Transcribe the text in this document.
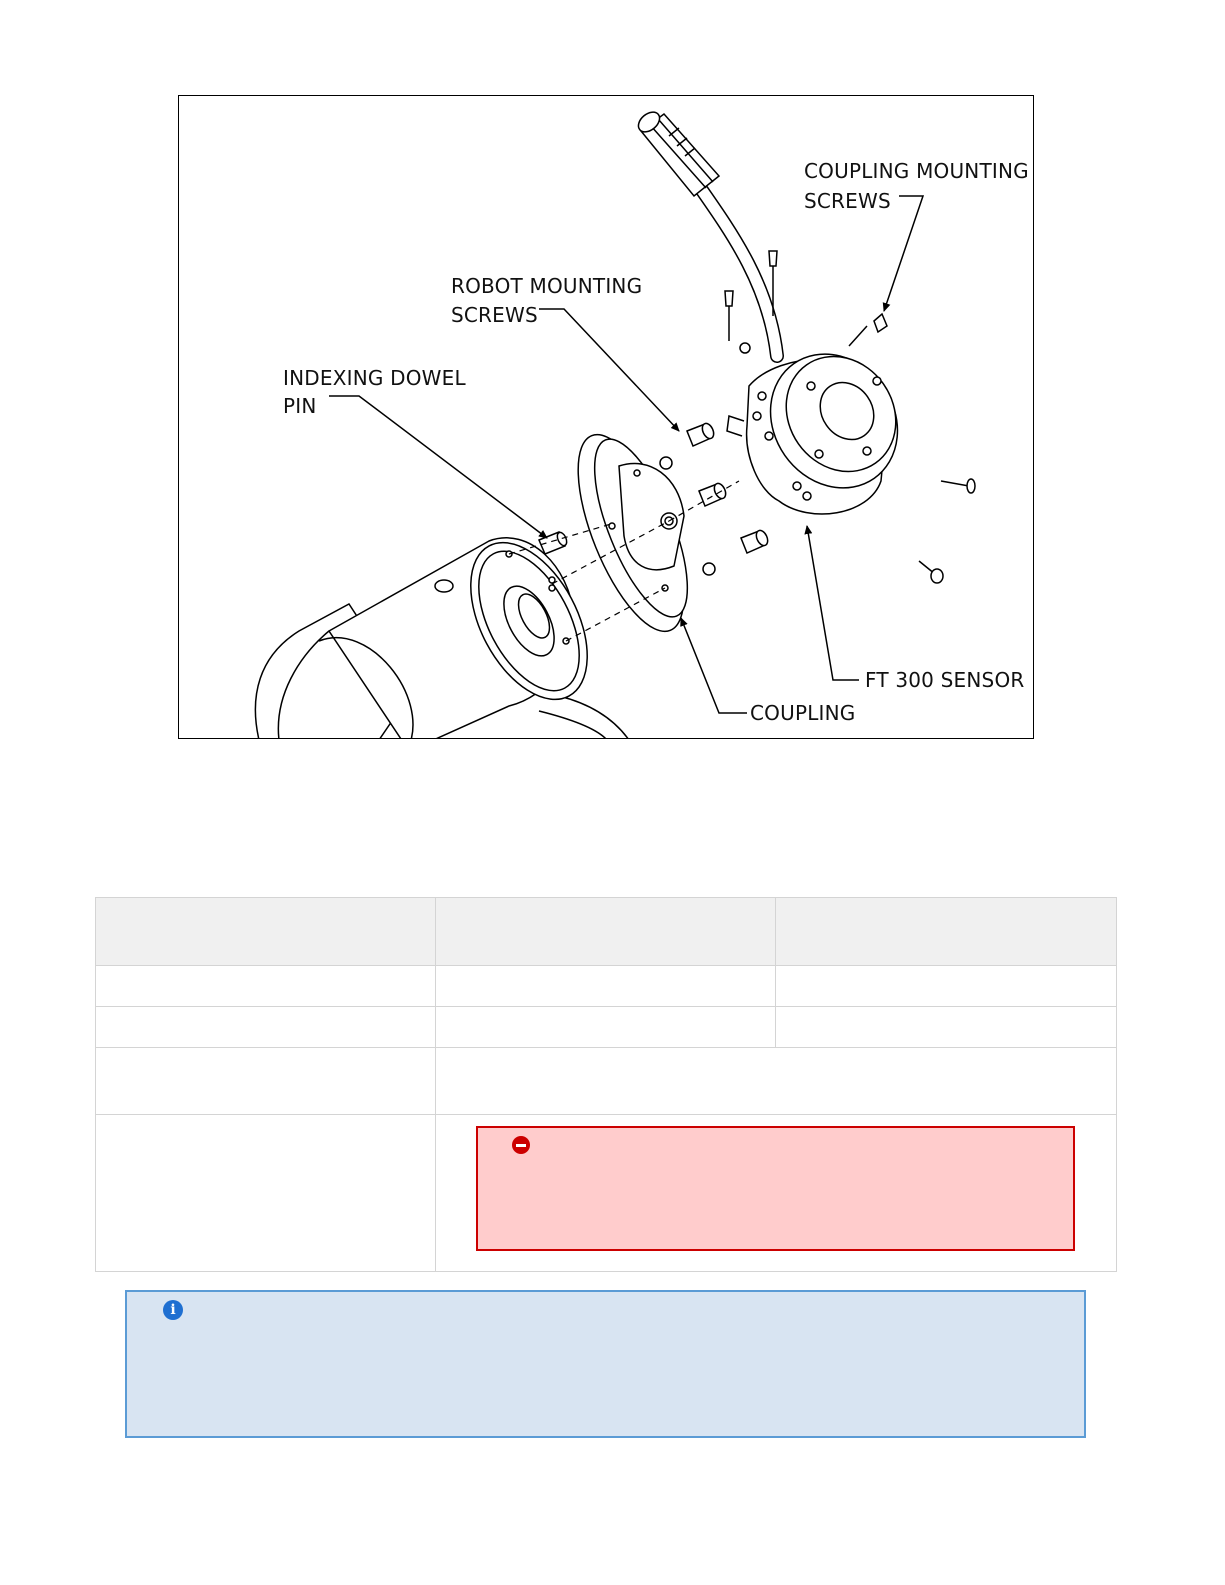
COUPLING MOUNTING
SCREWS
ROBOT MOUNTING
SCREWS
INDEXING DOWEL
PIN
FT 300 SENSOR
COUPLING

i
